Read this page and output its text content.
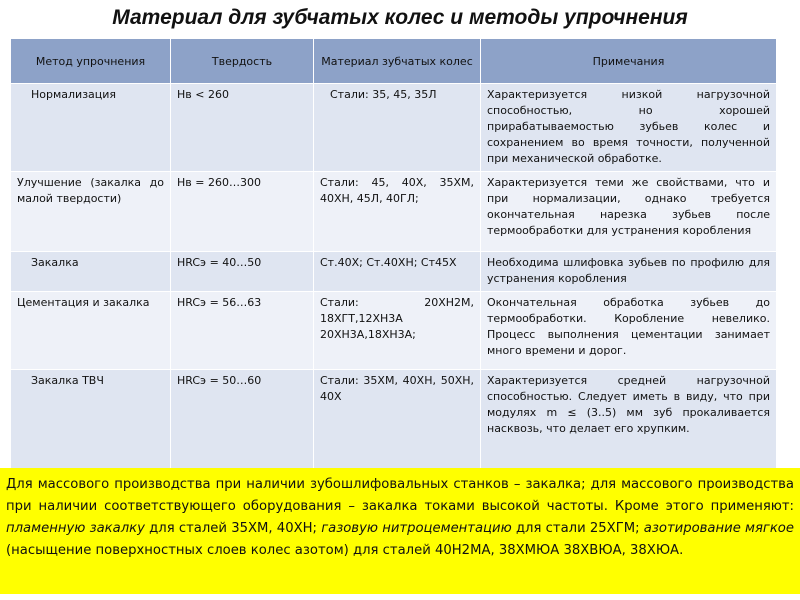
Материал для зубчатых колес и методы упрочнения
Метод упрочнения	Твердость	Материал зубчатых колес	Примечания
Нормализация	Нв < 260	Стали: 35, 45, 35Л	Характеризуется низкой нагрузочной способностью, но хорошей прирабатываемостью зубьев колес и сохранением во время точности, полученной при механической обработке.
Улучшение (закалка до малой твердости)	Нв = 260…300	Стали: 45, 40Х, 35ХМ, 40ХН, 45Л, 40ГЛ;	Характеризуется теми же свойствами, что и при нормализации, однако требуется окончательная нарезка зубьев после термообработки для устранения коробления
Закалка	HRCэ = 40…50	Ст.40Х; Ст.40ХН; Ст45Х	Необходима шлифовка зубьев по профилю для устранения коробления
Цементация и закалка	HRCэ = 56…63	Стали: 20ХН2М, 18ХГТ,12ХН3А 20ХН3А,18ХН3А;	Окончательная обработка зубьев до термообработки. Коробление невелико. Процесс выполнения цементации занимает много времени и дорог.
Закалка ТВЧ	HRCэ = 50…60	Стали: 35ХМ, 40ХН, 50ХН, 40Х	Характеризуется средней нагрузочной способностью. Следует иметь в виду, что при модулях m ≤ (3..5) мм зуб прокаливается насквозь, что делает его хрупким.
Для массового производства при наличии зубошлифовальных станков – закалка; для массового производства при наличии соответствующего оборудования – закалка токами высокой частоты. Кроме этого применяют: пламенную закалку для сталей 35ХМ, 40ХН; газовую нитроцементацию для стали 25ХГМ; азотирование мягкое (насыщение поверхностных слоев колес азотом) для сталей 40Н2МА, 38ХМЮА 38ХВЮА, 38ХЮА.
